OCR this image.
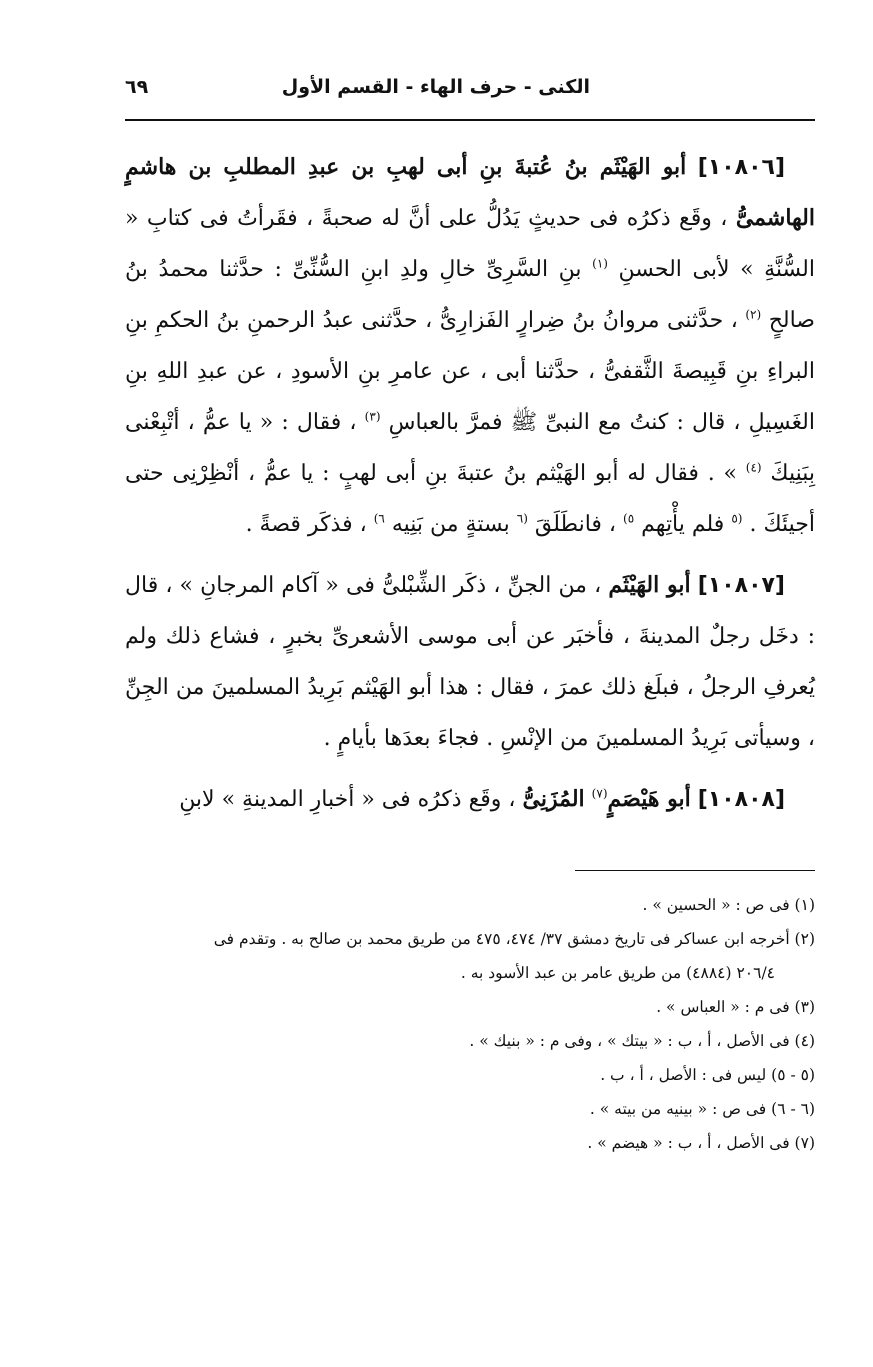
الكنى - حرف الهاء - القسم الأول
٦٩

[١٠٨٠٦] أبو الهَيْثَم بنُ عُتبةَ بنِ أبى لهبِ بن عبدِ المطلبِ بن هاشمٍ الهاشمىُّ ، وقَع ذكرُه فى حديثٍ يَدُلُّ على أنَّ له صحبةً ، فقَرأتُ فى كتابِ « السُّنَّةِ » لأبى الحسنِ $^{(١)}$ بنِ السَّرِىِّ خالِ ولدِ ابنِ السُّنِّىِّ : حدَّثنا محمدُ بنُ صالحٍ $^{(٢)}$ ، حدَّثنى مروانُ بنُ ضِرارٍ الفَزارِىُّ ، حدَّثنى عبدُ الرحمنِ بنُ الحكمِ بنِ البراءِ بنِ قَبِيصةَ الثَّقفىُّ ، حدَّثنا أبى ، عن عامرِ بنِ الأسودِ ، عن عبدِ اللهِ بنِ الغَسِيلِ ، قال : كنتُ مع النبىِّ ﷺ فمرَّ بالعباسِ $^{(٣)}$ ، فقال : « يا عمُّ ، أتْبِعْنى بِبَنِيكَ $^{(٤)}$ » . فقال له أبو الهَيْثم بنُ عتبةَ بنِ أبى لهبٍ : يا عمُّ ، أنْظِرْنِى حتى أجيئَكَ . $^{(٥}$ فلم يأْتِهم $^{٥)}$ ، فانطَلَقَ $^{(٦}$ بستةٍ من بَنِيه $^{٦)}$ ، فذكَر قصةً .

[١٠٨٠٧] أبو الهَيْثَم ، من الجنِّ ، ذكَر الشِّبْلىُّ فى « آكام المرجانِ » ، قال : دخَل رجلٌ المدينةَ ، فأخبَر عن أبى موسى الأشعرىِّ بخبرٍ ، فشاع ذلك ولم يُعرفِ الرجلُ ، فبلَغ ذلك عمرَ ، فقال : هذا أبو الهَيْثم بَرِيدُ المسلمينَ من الجِنِّ ، وسيأتى بَرِيدُ المسلمينَ من الإنْسِ . فجاءَ بعدَها بأيامٍ .

[١٠٨٠٨] أبو هَيْصَمٍ$^{(٧)}$ المُزَنِىُّ ، وقَع ذكرُه فى « أخبارِ المدينةِ » لابنِ

(١) فى ص : « الحسين » .

(٢) أخرجه ابن عساكر فى تاريخ دمشق ٣٧/ ٤٧٤، ٤٧٥ من طريق محمد بن صالح به . وتقدم فى

٢٠٦/٤ (٤٨٨٤) من طريق عامر بن عبد الأسود به .

(٣) فى م : « العباس » .

(٤) فى الأصل ، أ ، ب : « بيتك » ، وفى م : « بنيك » .

(٥ - ٥) ليس فى : الأصل ، أ ، ب .

(٦ - ٦) فى ص : « بينيه من بيته » .

(٧) فى الأصل ، أ ، ب : « هيضم » .
